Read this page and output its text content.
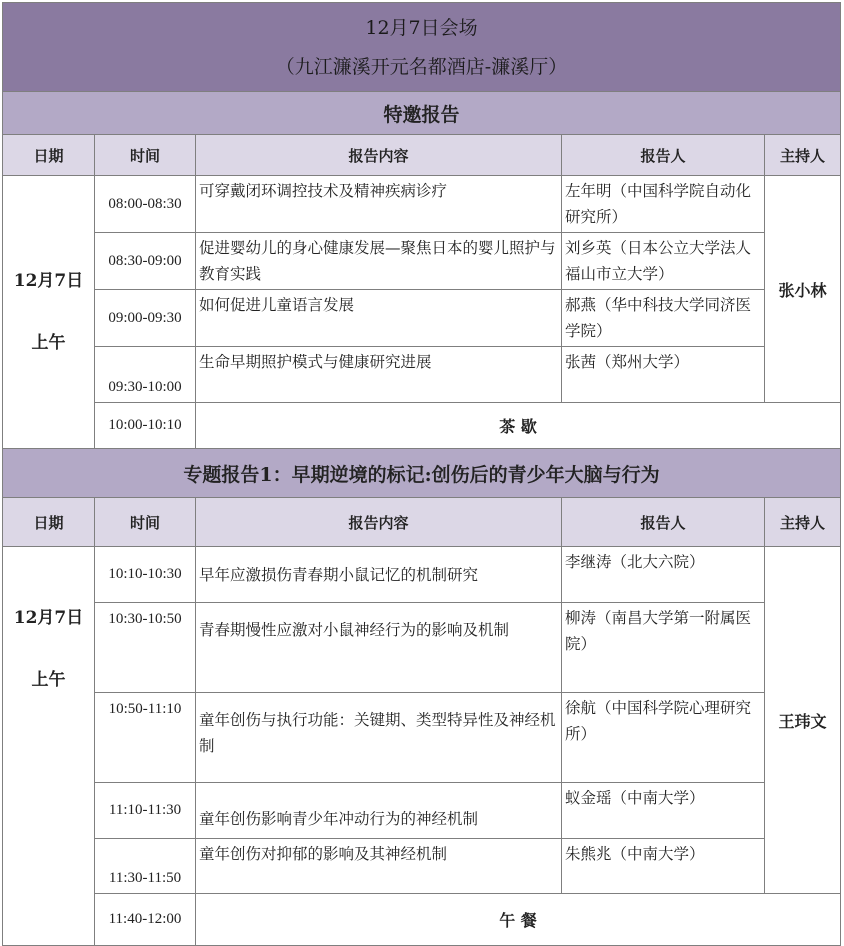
12月7日会场
（九江濂溪开元名都酒店-濂溪厅）				

特邀报告				
日期	时间	报告内容	报告人	主持人

12月7日
上午	08:00-08:30	可穿戴闭环调控技术及精神疾病诊疗	左年明（中国科学院自动化研究所）	张小林
	08:30-09:00	促进婴幼儿的身心健康发展—聚焦日本的婴儿照护与教育实践	刘乡英（日本公立大学法人福山市立大学）	
	09:00-09:30	如何促进儿童语言发展	郝燕（华中科技大学同济医学院）	
	09:30-10:00	生命早期照护模式与健康研究进展	张茜（郑州大学）	
	10:00-10:10	茶 歇		
专题报告1：早期逆境的标记:创伤后的青少年大脑与行为				
日期	时间	报告内容	报告人	主持人

12月7日
上午	10:10-10:30	早年应激损伤青春期小鼠记忆的机制研究	李继涛（北大六院）	王玮文
	10:30-10:50	青春期慢性应激对小鼠神经行为的影响及机制	柳涛（南昌大学第一附属医院）	
	10:50-11:10	童年创伤与执行功能：关键期、类型特异性及神经机制	徐航（中国科学院心理研究所）	
	11:10-11:30	童年创伤影响青少年冲动行为的神经机制	蚁金瑶（中南大学）	
	11:30-11:50	童年创伤对抑郁的影响及其神经机制	朱熊兆（中南大学）	
	11:40-12:00	午 餐		
